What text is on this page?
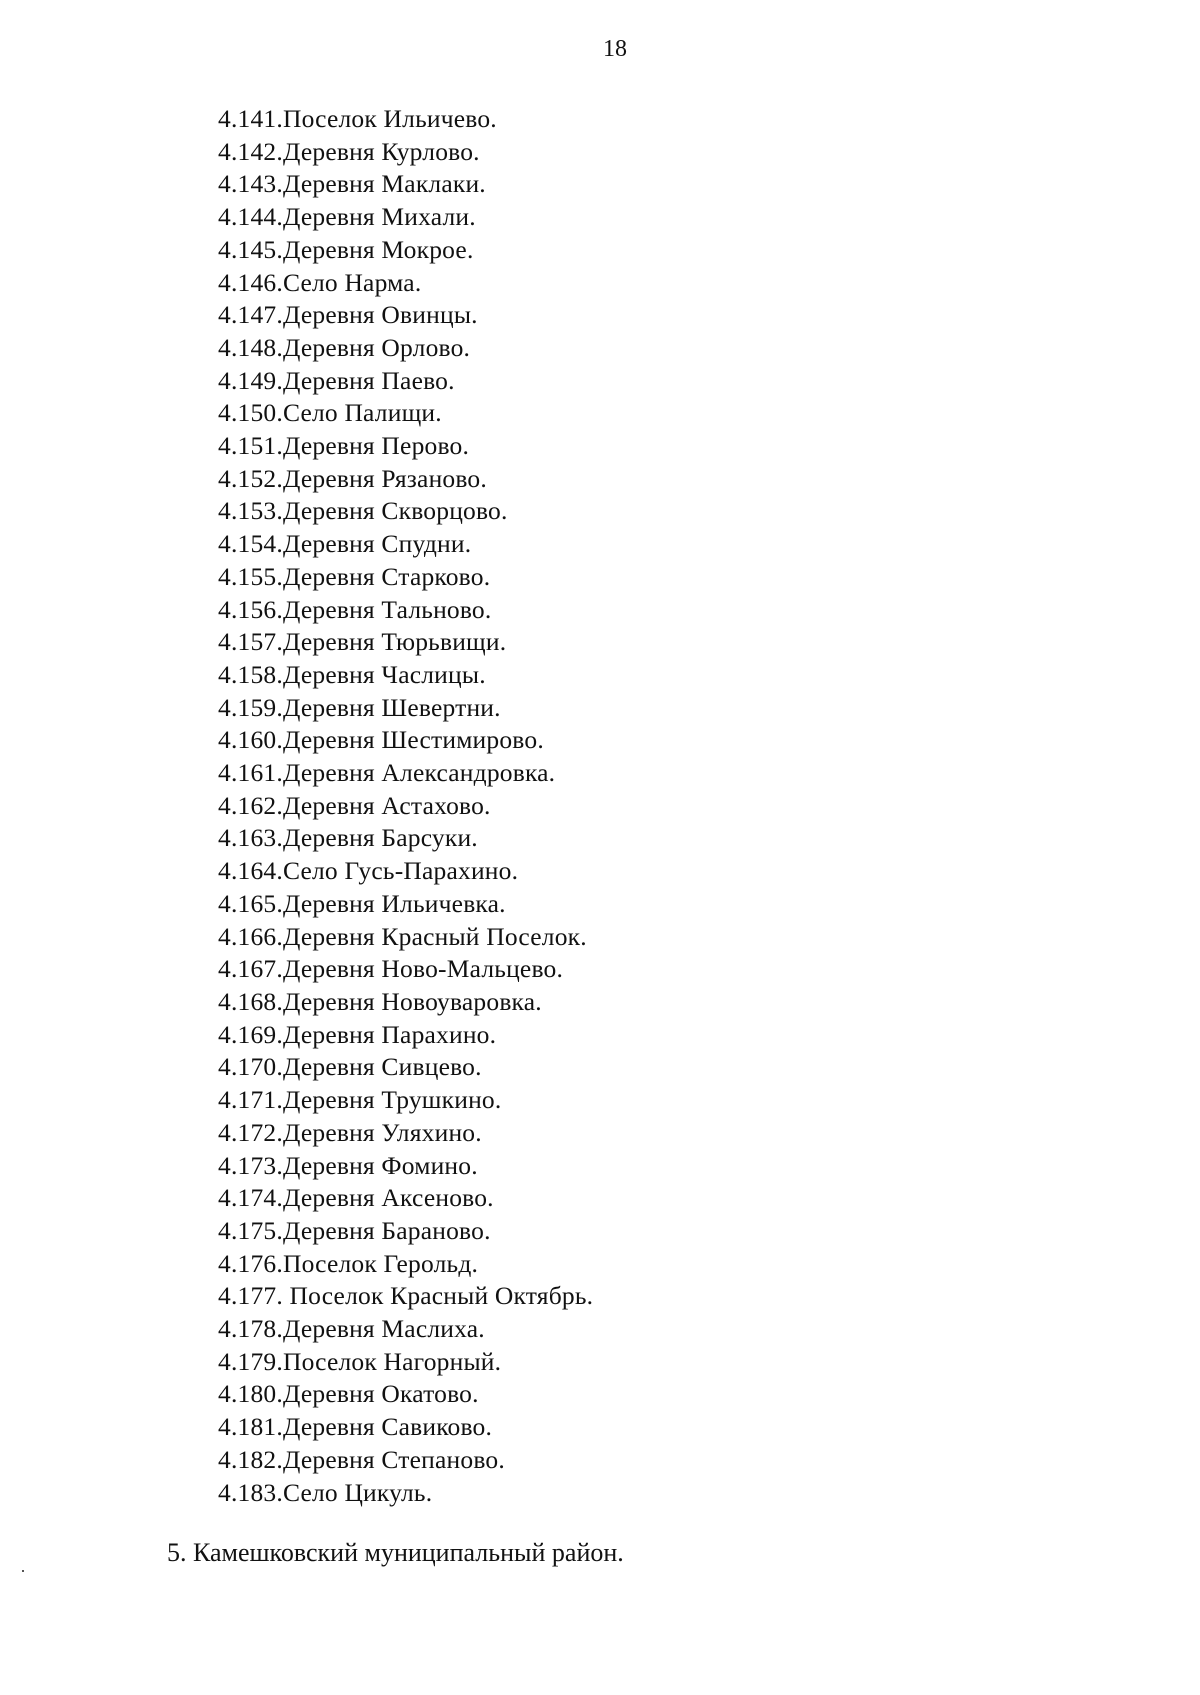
18
4.141.Поселок Ильичево.
4.142.Деревня Курлово.
4.143.Деревня Маклаки.
4.144.Деревня Михали.
4.145.Деревня Мокрое.
4.146.Село Нарма.
4.147.Деревня Овинцы.
4.148.Деревня Орлово.
4.149.Деревня Паево.
4.150.Село Палищи.
4.151.Деревня Перово.
4.152.Деревня Рязаново.
4.153.Деревня Скворцово.
4.154.Деревня Спудни.
4.155.Деревня Старково.
4.156.Деревня Тальново.
4.157.Деревня Тюрьвищи.
4.158.Деревня Часлицы.
4.159.Деревня Шевертни.
4.160.Деревня Шестимирово.
4.161.Деревня Александровка.
4.162.Деревня Астахово.
4.163.Деревня Барсуки.
4.164.Село Гусь-Парахино.
4.165.Деревня Ильичевка.
4.166.Деревня Красный Поселок.
4.167.Деревня Ново-Мальцево.
4.168.Деревня Новоуваровка.
4.169.Деревня Парахино.
4.170.Деревня Сивцево.
4.171.Деревня Трушкино.
4.172.Деревня Уляхино.
4.173.Деревня Фомино.
4.174.Деревня Аксеново.
4.175.Деревня Бараново.
4.176.Поселок Герольд.
4.177. Поселок Красный Октябрь.
4.178.Деревня Маслиха.
4.179.Поселок Нагорный.
4.180.Деревня Окатово.
4.181.Деревня Савиково.
4.182.Деревня Степаново.
4.183.Село Цикуль.
5. Камешковский муниципальный район.
